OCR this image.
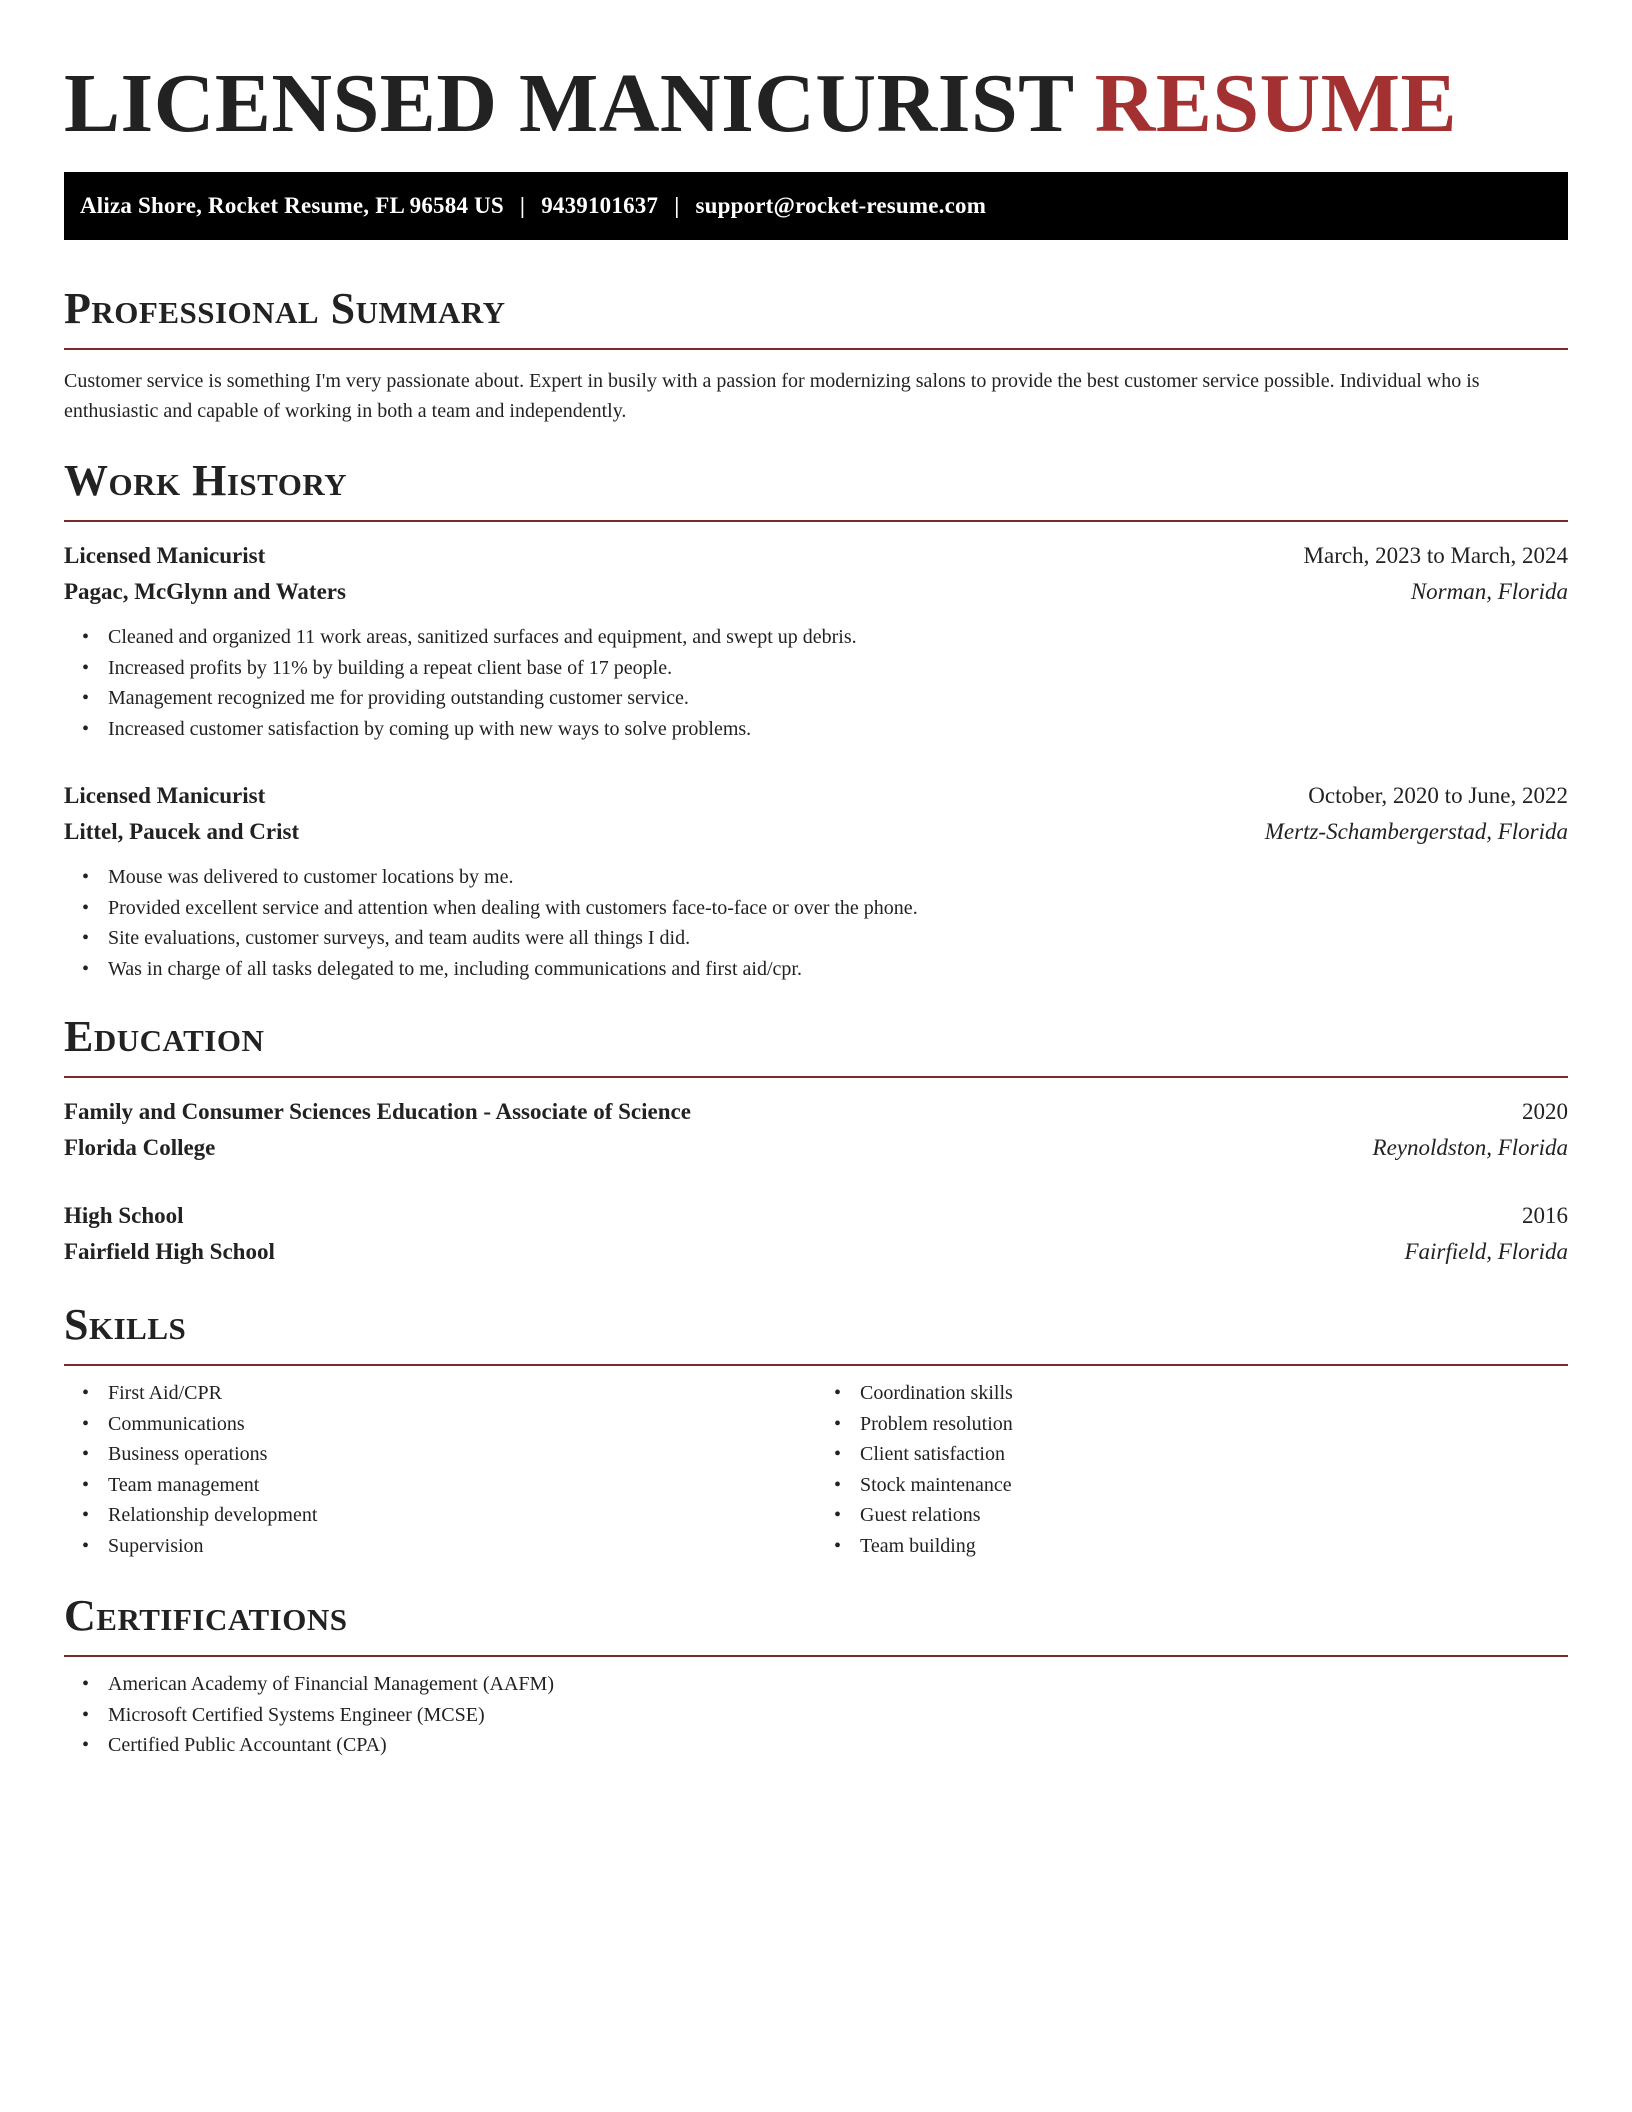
LICENSED MANICURIST RESUME
Aliza Shore, Rocket Resume, FL 96584 US | 9439101637 | support@rocket-resume.com
Professional Summary

Customer service is something I'm very passionate about. Expert in busily with a passion for modernizing salons to provide the best customer service possible. Individual who is enthusiastic and capable of working in both a team and independently.

Work History
Licensed Manicurist	March, 2023 to March, 2024
Pagac, McGlynn and Waters	Norman, Florida
• Cleaned and organized 11 work areas, sanitized surfaces and equipment, and swept up debris.
• Increased profits by 11% by building a repeat client base of 17 people.
• Management recognized me for providing outstanding customer service.
• Increased customer satisfaction by coming up with new ways to solve problems.
Licensed Manicurist	October, 2020 to June, 2022
Littel, Paucek and Crist	Mertz-Schambergerstad, Florida
• Mouse was delivered to customer locations by me.
• Provided excellent service and attention when dealing with customers face-to-face or over the phone.
• Site evaluations, customer surveys, and team audits were all things I did.
• Was in charge of all tasks delegated to me, including communications and first aid/cpr.
Education
Family and Consumer Sciences Education - Associate of Science	2020
Florida College	Reynoldston, Florida
High School	2016
Fairfield High School	Fairfield, Florida
Skills
• First Aid/CPR
• Communications
• Business operations
• Team management
• Relationship development
• Supervision
• Coordination skills
• Problem resolution
• Client satisfaction
• Stock maintenance
• Guest relations
• Team building
Certifications
• American Academy of Financial Management (AAFM)
• Microsoft Certified Systems Engineer (MCSE)
• Certified Public Accountant (CPA)
